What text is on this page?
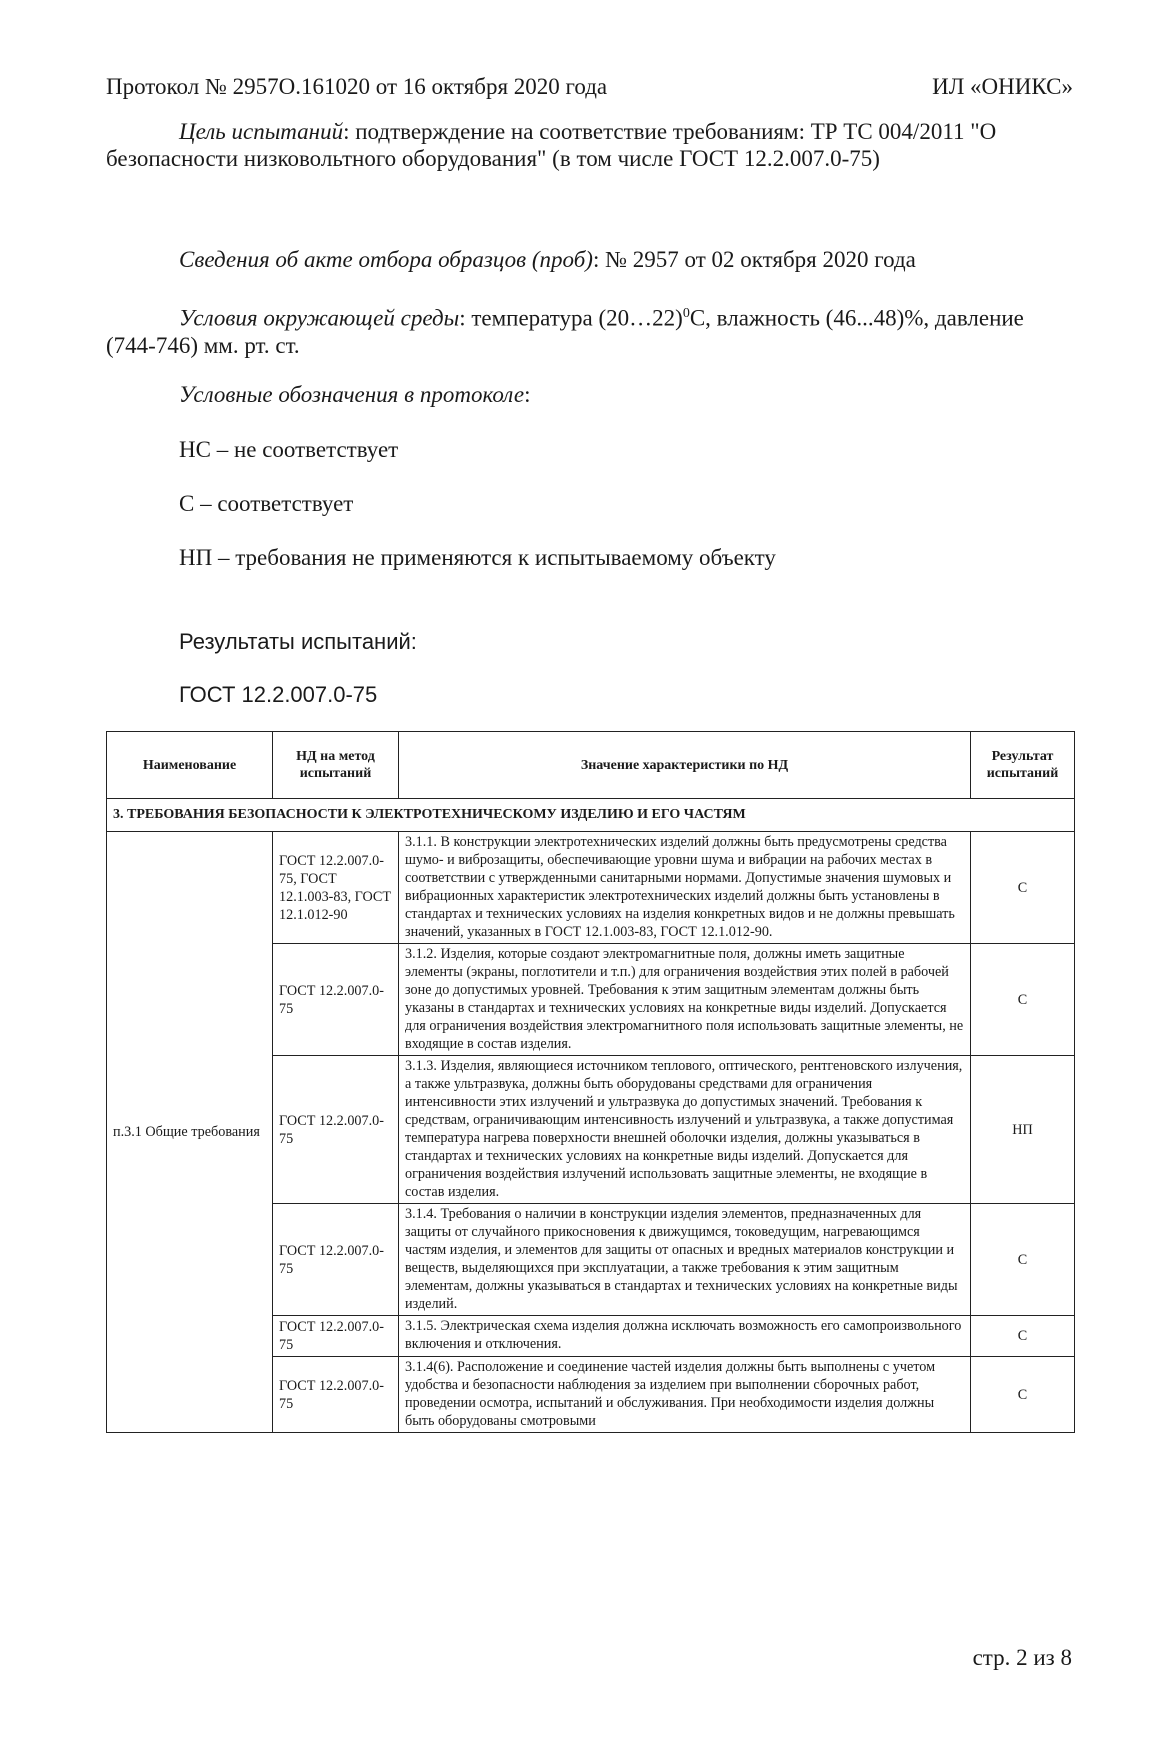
Протокол № 2957О.161020 от 16 октября 2020 года	ИЛ «ОНИКС»
Цель испытаний: подтверждение на соответствие требованиям: ТР ТС 004/2011 "О безопасности низковольтного оборудования" (в том числе ГОСТ 12.2.007.0-75)
Сведения об акте отбора образцов (проб): № 2957 от 02 октября 2020 года
Условия окружающей среды: температура (20…22)$^0$С, влажность (46...48)%, давление (744-746) мм. рт. ст.
Условные обозначения в протоколе:
НС – не соответствует
С – соответствует
НП – требования не применяются к испытываемому объекту
Результаты испытаний:
ГОСТ 12.2.007.0-75
Наименование	НД на метод испытаний	Значение характеристики по НД	Результат испытаний
3. ТРЕБОВАНИЯ БЕЗОПАСНОСТИ К ЭЛЕКТРОТЕХНИЧЕСКОМУ ИЗДЕЛИЮ И ЕГО ЧАСТЯМ			
п.3.1 Общие требования	ГОСТ 12.2.007.0-75, ГОСТ 12.1.003-83, ГОСТ 12.1.012-90	3.1.1. В конструкции электротехнических изделий должны быть предусмотрены средства шумо- и виброзащиты, обеспечивающие уровни шума и вибрации на рабочих местах в соответствии с утвержденными санитарными нормами. Допустимые значения шумовых и вибрационных характеристик электротехнических изделий должны быть установлены в стандартах и технических условиях на изделия конкретных видов и не должны превышать значений, указанных в ГОСТ 12.1.003-83, ГОСТ 12.1.012-90.	С
	ГОСТ 12.2.007.0-75	3.1.2. Изделия, которые создают электромагнитные поля, должны иметь защитные элементы (экраны, поглотители и т.п.) для ограничения воздействия этих полей в рабочей зоне до допустимых уровней. Требования к этим защитным элементам должны быть указаны в стандартах и технических условиях на конкретные виды изделий. Допускается для ограничения воздействия электромагнитного поля использовать защитные элементы, не входящие в состав изделия.	С
	ГОСТ 12.2.007.0-75	3.1.3. Изделия, являющиеся источником теплового, оптического, рентгеновского излучения, а также ультразвука, должны быть оборудованы средствами для ограничения интенсивности этих излучений и ультразвука до допустимых значений. Требования к средствам, ограничивающим интенсивность излучений и ультразвука, а также допустимая температура нагрева поверхности внешней оболочки изделия, должны указываться в стандартах и технических условиях на конкретные виды изделий. Допускается для ограничения воздействия излучений использовать защитные элементы, не входящие в состав изделия.	НП
	ГОСТ 12.2.007.0-75	3.1.4. Требования о наличии в конструкции изделия элементов, предназначенных для защиты от случайного прикосновения к движущимся, токоведущим, нагревающимся частям изделия, и элементов для защиты от опасных и вредных материалов конструкции и веществ, выделяющихся при эксплуатации, а также требования к этим защитным элементам, должны указываться в стандартах и технических условиях на конкретные виды изделий.	С
	ГОСТ 12.2.007.0-75	3.1.5. Электрическая схема изделия должна исключать возможность его самопроизвольного включения и отключения.	С
	ГОСТ 12.2.007.0-75	3.1.4(6). Расположение и соединение частей изделия должны быть выполнены с учетом удобства и безопасности наблюдения за изделием при выполнении сборочных работ, проведении осмотра, испытаний и обслуживания. При необходимости изделия должны быть оборудованы смотровыми	С
стр. 2 из 8
